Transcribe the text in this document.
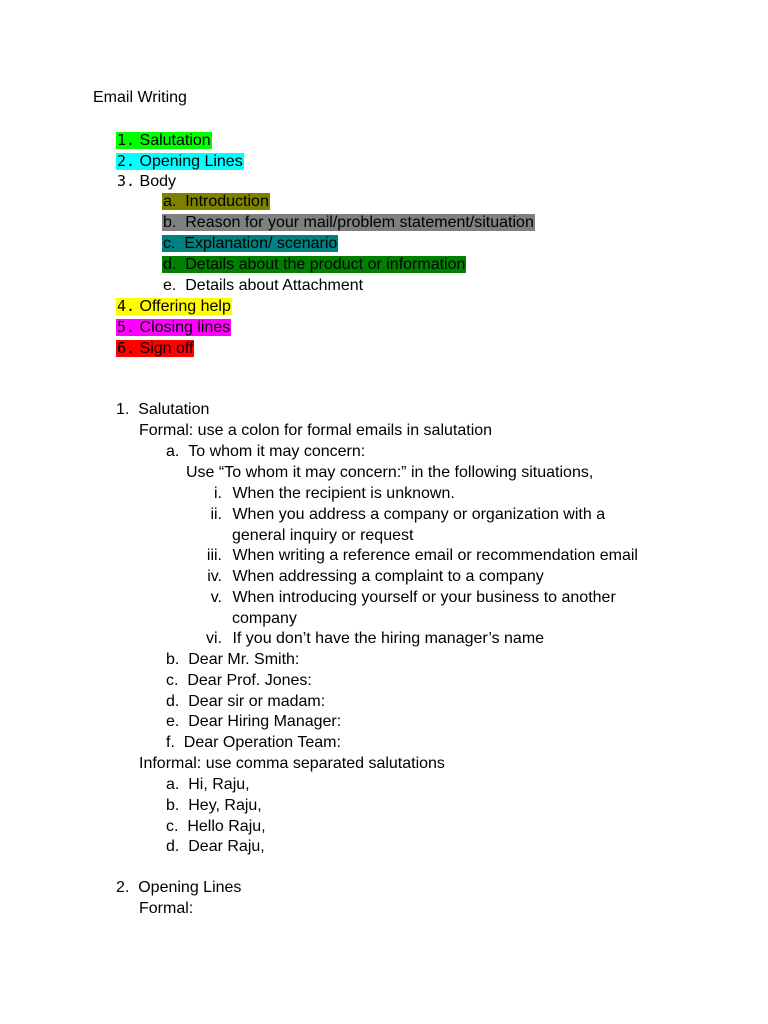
Email Writing
1. Salutation
2. Opening Lines
3. Body
a. Introduction
b. Reason for your mail/problem statement/situation
c. Explanation/ scenario
d. Details about the product or information
e. Details about Attachment
4. Offering help
5. Closing lines
6. Sign off
1. Salutation
Formal: use a colon for formal emails in salutation
a. To whom it may concern:
Use “To whom it may concern:” in the following situations,
i. When the recipient is unknown.
ii. When you address a company or organization with a
general inquiry or request
iii. When writing a reference email or recommendation email
iv. When addressing a complaint to a company
v. When introducing yourself or your business to another
company
vi. If you don’t have the hiring manager’s name
b. Dear Mr. Smith:
c. Dear Prof. Jones:
d. Dear sir or madam:
e. Dear Hiring Manager:
f. Dear Operation Team:
Informal: use comma separated salutations
a. Hi, Raju,
b. Hey, Raju,
c. Hello Raju,
d. Dear Raju,
2. Opening Lines
Formal:
